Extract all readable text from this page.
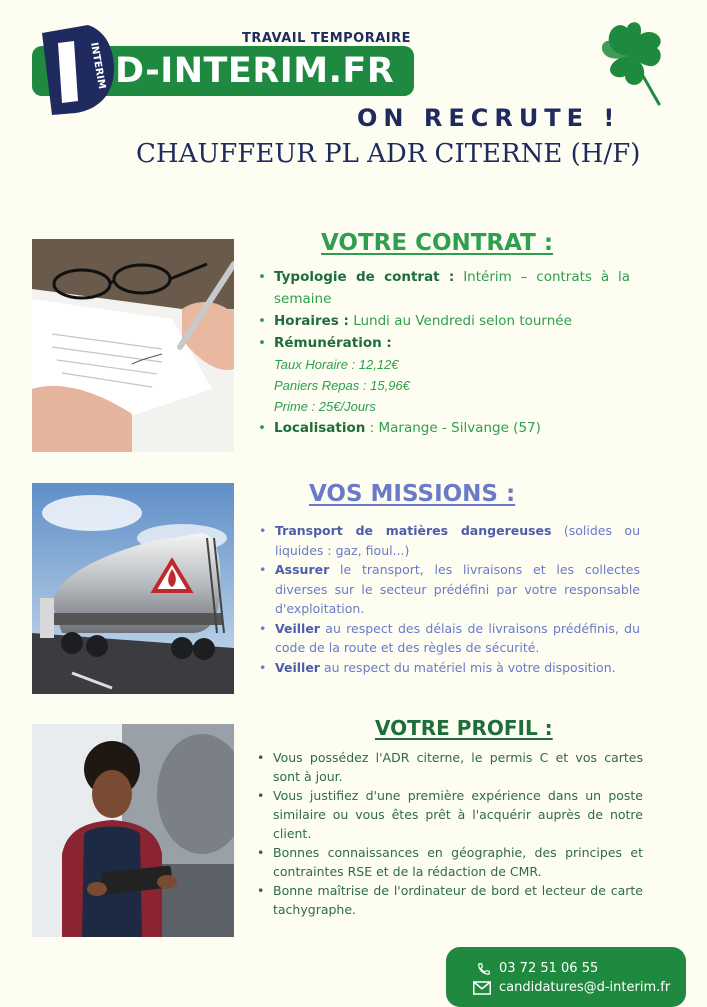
TRAVAIL TEMPORAIRE
D-INTERIM.FR
INTERIM
ON RECRUTE !
CHAUFFEUR PL ADR CITERNE (H/F)
VOTRE CONTRAT :
• Typologie de contrat : Intérim – contrats à la semaine
• Horaires : Lundi au Vendredi selon tournée
• Rémunération :
Taux Horaire : 12,12€
Paniers Repas : 15,96€
Prime : 25€/Jours
• Localisation : Marange - Silvange (57)
VOS MISSIONS :
• Transport de matières dangereuses (solides ou liquides : gaz, fioul...)
• Assurer le transport, les livraisons et les collectes diverses sur le secteur prédéfini par votre responsable d'exploitation.
• Veiller au respect des délais de livraisons prédéfinis, du code de la route et des règles de sécurité.
• Veiller au respect du matériel mis à votre disposition.
VOTRE PROFIL :
• Vous possédez l'ADR citerne, le permis C et vos cartes sont à jour.
• Vous justifiez d'une première expérience dans un poste similaire ou vous êtes prêt à l'acquérir auprès de notre client.
• Bonnes connaissances en géographie, des principes et contraintes RSE et de la rédaction de CMR.
• Bonne maîtrise de l'ordinateur de bord et lecteur de carte tachygraphe.
03 72 51 06 55
candidatures@d-interim.fr
